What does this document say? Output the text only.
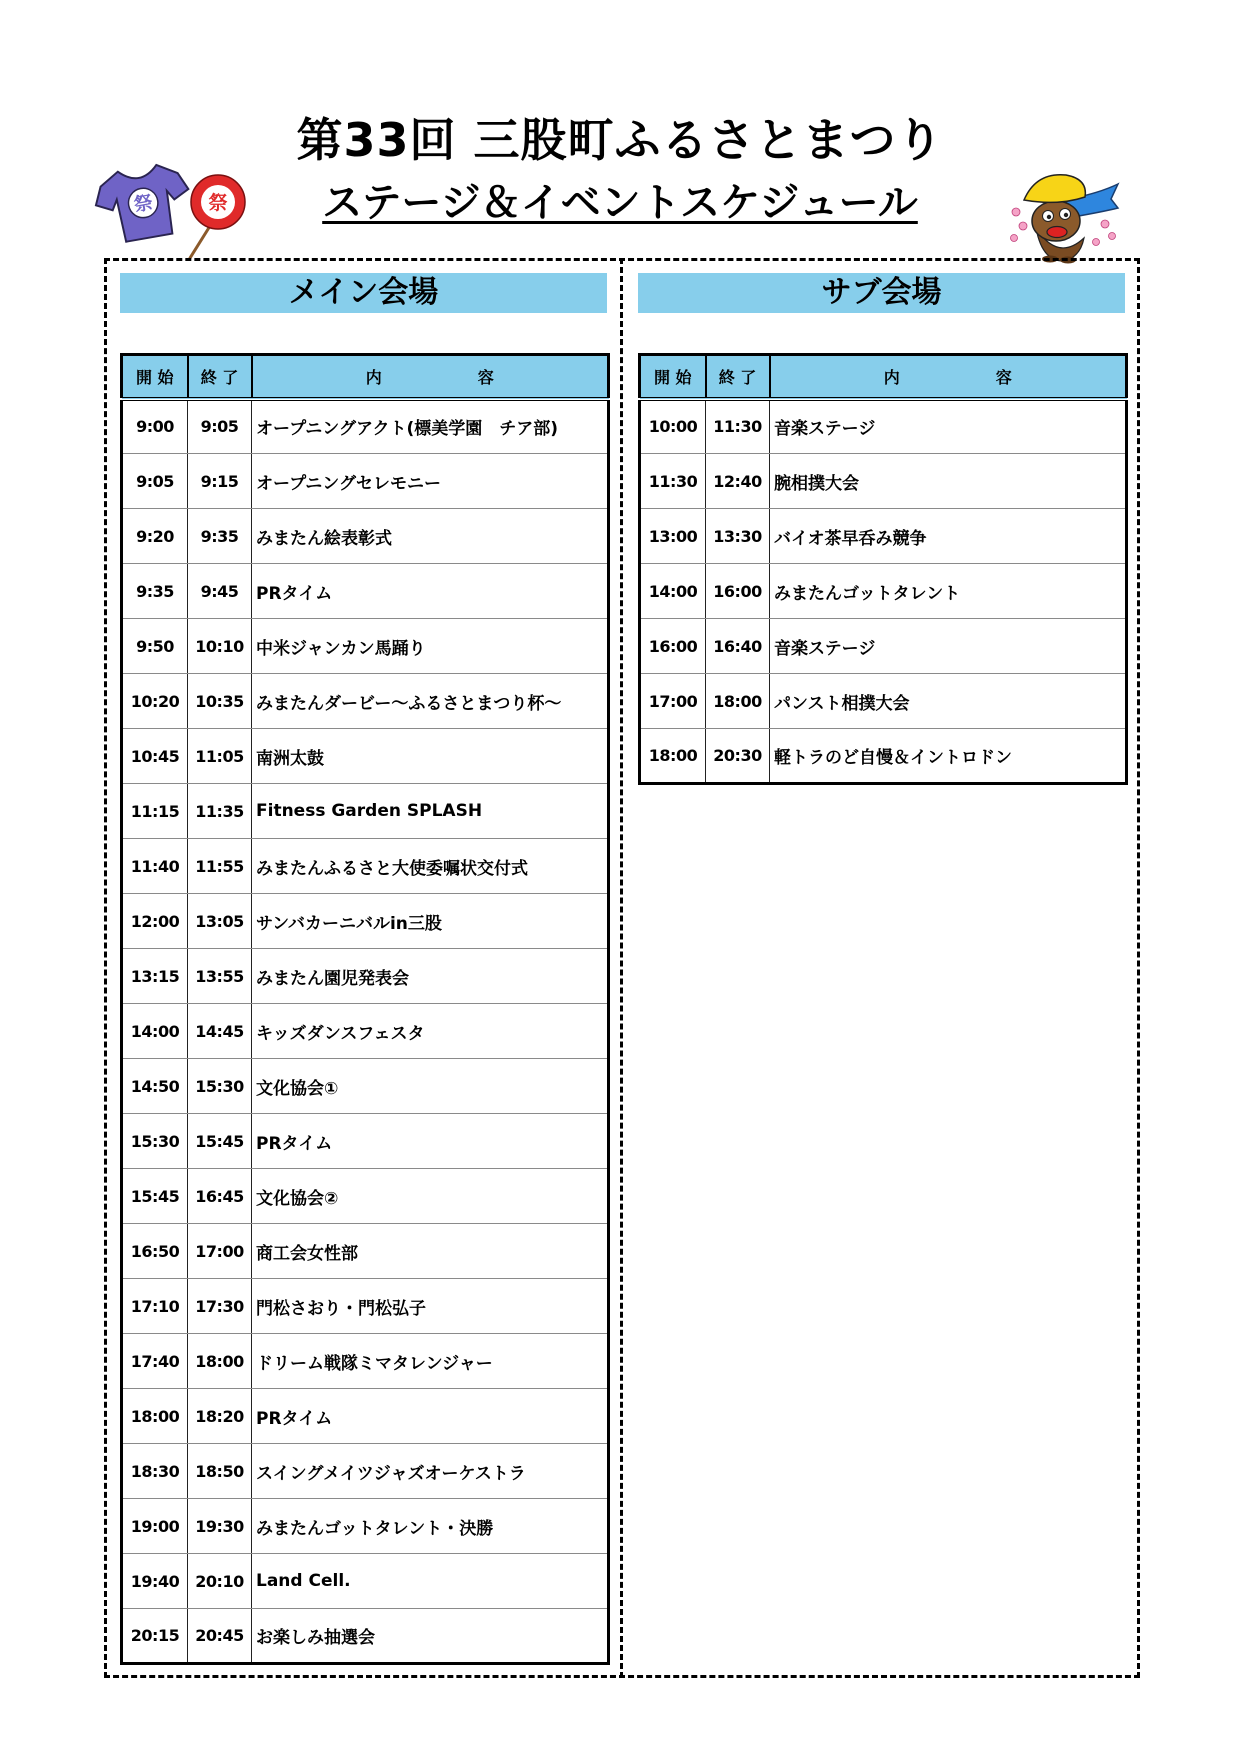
第33回 三股町ふるさとまつり
ステージ＆イベントスケジュール
祭	祭
メイン会場	サブ会場
開 始	終 了	内　　　　　　容
9:00	9:05	オープニングアクト(標美学園　チア部)
9:05	9:15	オープニングセレモニー
9:20	9:35	みまたん絵表彰式
9:35	9:45	PRタイム
9:50	10:10	中米ジャンカン馬踊り
10:20	10:35	みまたんダービー～ふるさとまつり杯～
10:45	11:05	南洲太鼓
11:15	11:35	Fitness Garden SPLASH
11:40	11:55	みまたんふるさと大使委嘱状交付式
12:00	13:05	サンバカーニバルin三股
13:15	13:55	みまたん園児発表会
14:00	14:45	キッズダンスフェスタ
14:50	15:30	文化協会①
15:30	15:45	PRタイム
15:45	16:45	文化協会②
16:50	17:00	商工会女性部
17:10	17:30	門松さおり・門松弘子
17:40	18:00	ドリーム戦隊ミマタレンジャー
18:00	18:20	PRタイム
18:30	18:50	スイングメイツジャズオーケストラ
19:00	19:30	みまたんゴットタレント・決勝
19:40	20:10	Land Cell.
20:15	20:45	お楽しみ抽選会
開 始	終 了	内　　　　　　容
10:00	11:30	音楽ステージ
11:30	12:40	腕相撲大会
13:00	13:30	バイオ茶早呑み競争
14:00	16:00	みまたんゴットタレント
16:00	16:40	音楽ステージ
17:00	18:00	パンスト相撲大会
18:00	20:30	軽トラのど自慢＆イントロドン
